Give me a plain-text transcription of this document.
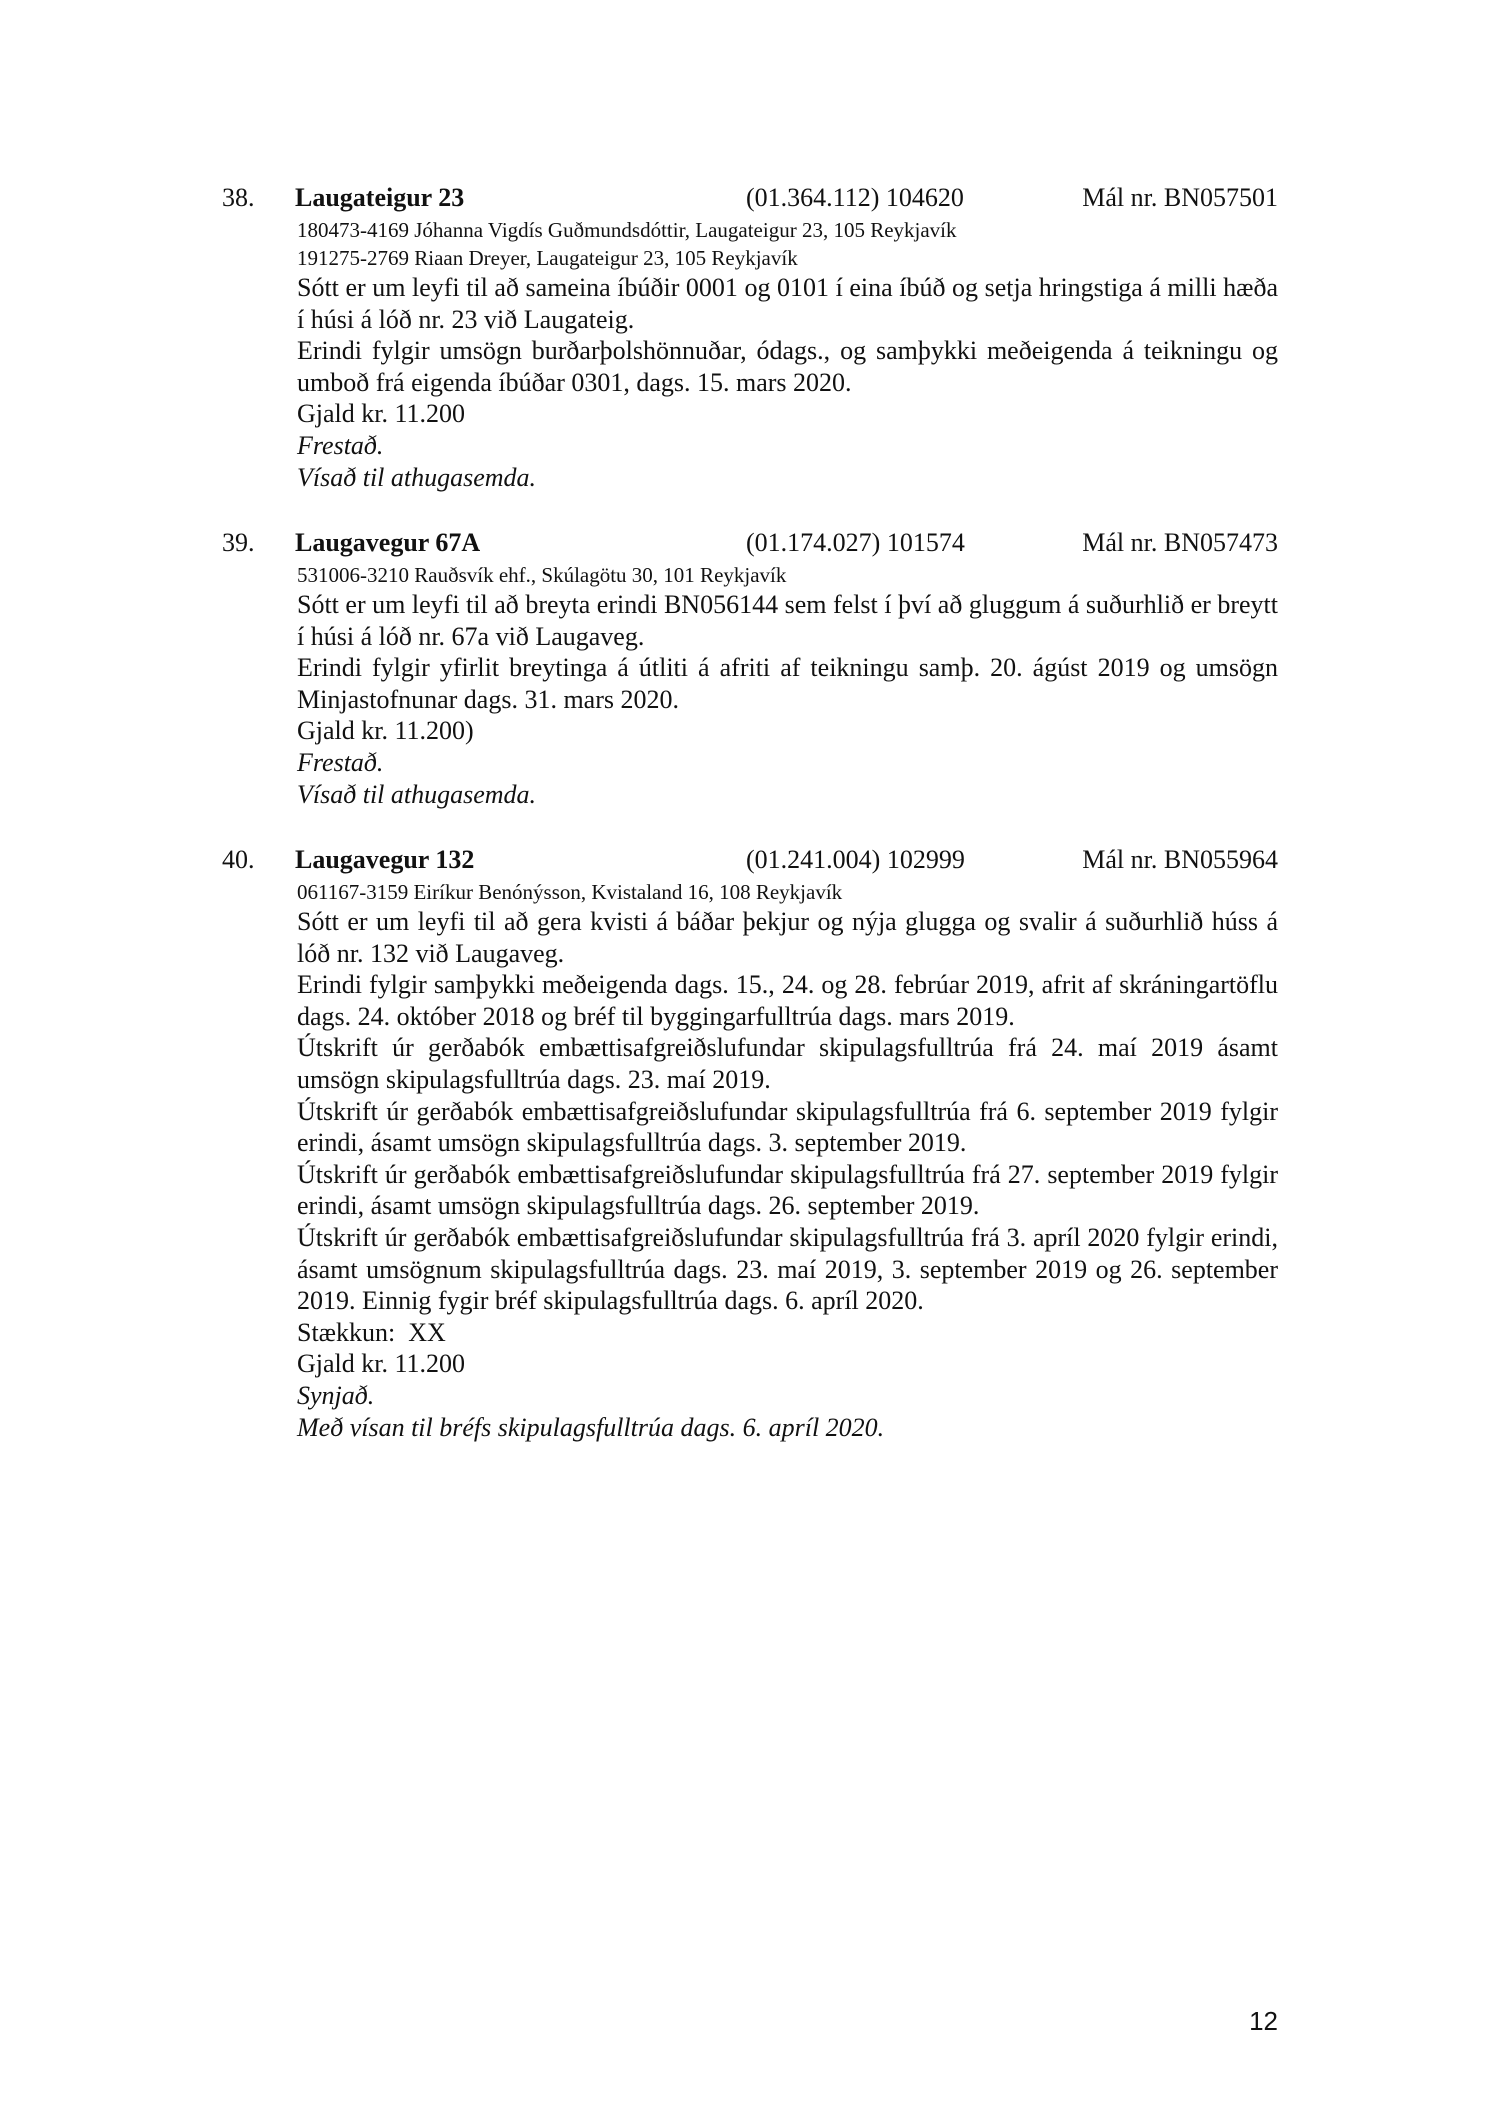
38. Laugateigur 23	(01.364.112) 104620	Mál nr. BN057501
180473-4169 Jóhanna Vigdís Guðmundsdóttir, Laugateigur 23, 105 Reykjavík
191275-2769 Riaan Dreyer, Laugateigur 23, 105 Reykjavík
Sótt er um leyfi til að sameina íbúðir 0001 og 0101 í eina íbúð og setja hringstiga á milli hæða í húsi á lóð nr. 23 við Laugateig.
Erindi fylgir umsögn burðarþolshönnuðar, ódags., og samþykki meðeigenda á teikningu og umboð frá eigenda íbúðar 0301, dags. 15. mars 2020.
Gjald kr. 11.200
Frestað.
Vísað til athugasemda.
39. Laugavegur 67A	(01.174.027) 101574	Mál nr. BN057473
531006-3210 Rauðsvík ehf., Skúlagötu 30, 101 Reykjavík
Sótt er um leyfi til að breyta erindi BN056144 sem felst í því að gluggum á suðurhlið er breytt í húsi á lóð nr. 67a við Laugaveg.
Erindi fylgir yfirlit breytinga á útliti á afriti af teikningu samþ. 20. ágúst 2019 og umsögn Minjastofnunar dags. 31. mars 2020.
Gjald kr. 11.200)
Frestað.
Vísað til athugasemda.
40. Laugavegur 132	(01.241.004) 102999	Mál nr. BN055964
061167-3159 Eiríkur Benónýsson, Kvistaland 16, 108 Reykjavík
Sótt er um leyfi til að gera kvisti á báðar þekjur og nýja glugga og svalir á suðurhlið húss á lóð nr. 132 við Laugaveg.
Erindi fylgir samþykki meðeigenda dags. 15., 24. og 28. febrúar 2019, afrit af skráningartöflu dags. 24. október 2018 og bréf til byggingarfulltrúa dags. mars 2019.
Útskrift úr gerðabók embættisafgreiðslufundar skipulagsfulltrúa frá 24. maí 2019 ásamt umsögn skipulagsfulltrúa dags. 23. maí 2019.
Útskrift úr gerðabók embættisafgreiðslufundar skipulagsfulltrúa frá 6. september 2019 fylgir erindi, ásamt umsögn skipulagsfulltrúa dags. 3. september 2019.
Útskrift úr gerðabók embættisafgreiðslufundar skipulagsfulltrúa frá 27. september 2019 fylgir erindi, ásamt umsögn skipulagsfulltrúa dags. 26. september 2019.
Útskrift úr gerðabók embættisafgreiðslufundar skipulagsfulltrúa frá 3. apríl 2020 fylgir erindi, ásamt umsögnum skipulagsfulltrúa dags. 23. maí 2019, 3. september 2019 og 26. september 2019. Einnig fygir bréf skipulagsfulltrúa dags. 6. apríl 2020.
Stækkun:  XX
Gjald kr. 11.200
Synjað.
Með vísan til bréfs skipulagsfulltrúa dags. 6. apríl 2020.
12
